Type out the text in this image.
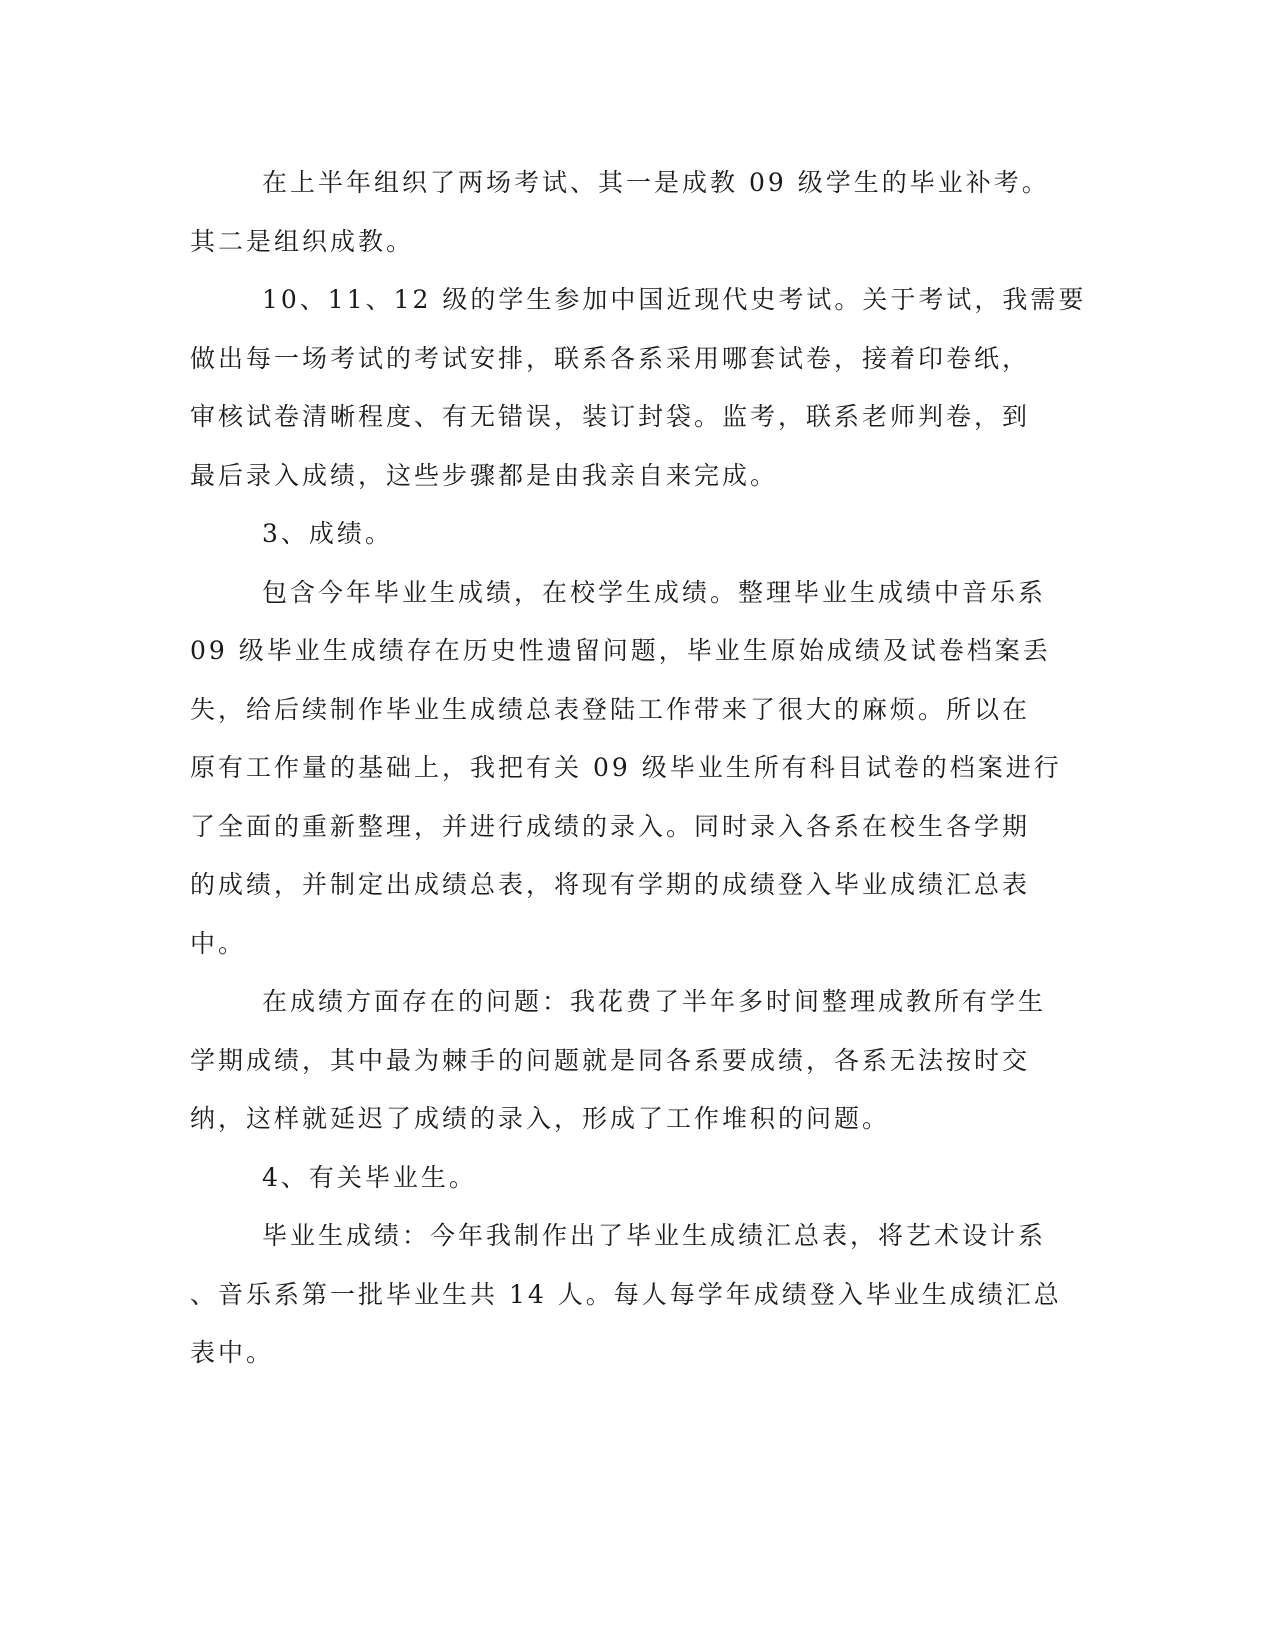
在上半年组织了两场考试、其一是成教 09 级学生的毕业补考。

其二是组织成教。

10、11、12 级的学生参加中国近现代史考试。关于考试，我需要

做出每一场考试的考试安排，联系各系采用哪套试卷，接着印卷纸，

审核试卷清晰程度、有无错误，装订封袋。监考，联系老师判卷，到

最后录入成绩，这些步骤都是由我亲自来完成。

3、成绩。

包含今年毕业生成绩，在校学生成绩。整理毕业生成绩中音乐系

09 级毕业生成绩存在历史性遗留问题，毕业生原始成绩及试卷档案丢

失，给后续制作毕业生成绩总表登陆工作带来了很大的麻烦。所以在

原有工作量的基础上，我把有关 09 级毕业生所有科目试卷的档案进行

了全面的重新整理，并进行成绩的录入。同时录入各系在校生各学期

的成绩，并制定出成绩总表，将现有学期的成绩登入毕业成绩汇总表

中。

在成绩方面存在的问题：我花费了半年多时间整理成教所有学生

学期成绩，其中最为棘手的问题就是同各系要成绩，各系无法按时交

纳，这样就延迟了成绩的录入，形成了工作堆积的问题。

4、有关毕业生。

毕业生成绩：今年我制作出了毕业生成绩汇总表，将艺术设计系

、音乐系第一批毕业生共 14 人。每人每学年成绩登入毕业生成绩汇总

表中。
